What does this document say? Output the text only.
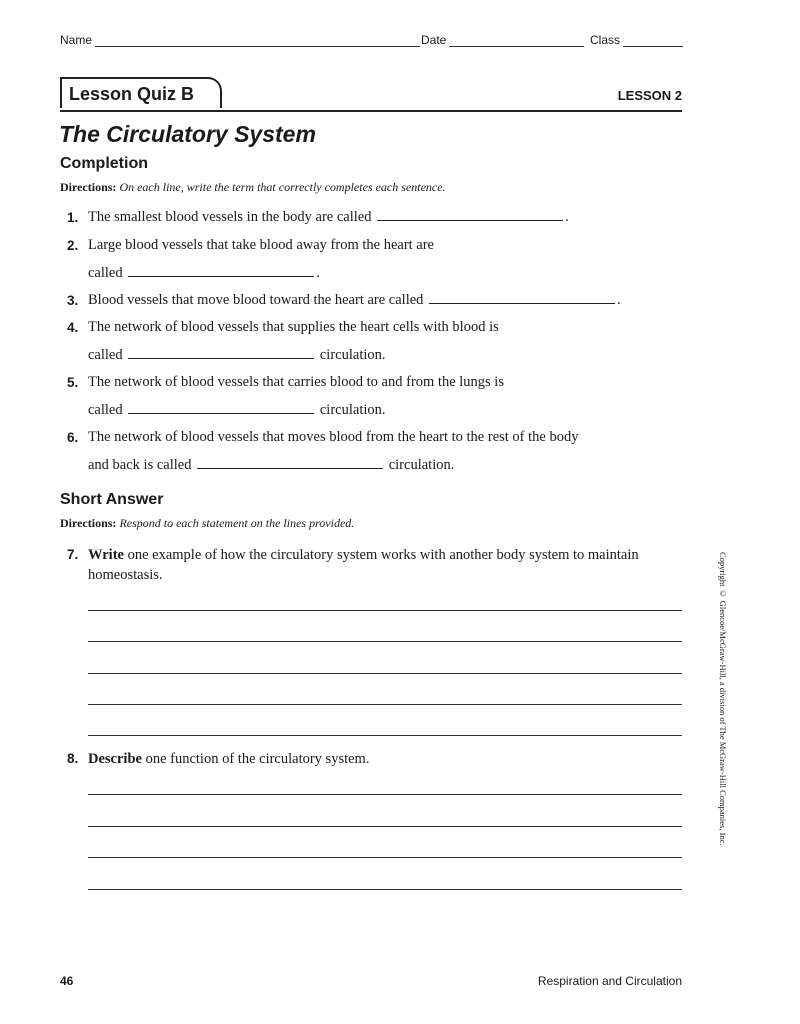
Name	Date	Class
Lesson Quiz B	LESSON 2
The Circulatory System
Completion
Directions: On each line, write the term that correctly completes each sentence.
1. The smallest blood vessels in the body are called	.
2. Large blood vessels that take blood away from the heart are
called	.
3. Blood vessels that move blood toward the heart are called	.
4. The network of blood vessels that supplies the heart cells with blood is
called	circulation.
5. The network of blood vessels that carries blood to and from the lungs is
called	circulation.
6. The network of blood vessels that moves blood from the heart to the rest of the body
and back is called	circulation.
Short Answer
Directions: Respond to each statement on the lines provided.
7. Write one example of how the circulatory system works with another body system to maintain homeostasis.
8. Describe one function of the circulatory system.	Copyright © Glencoe/McGraw-Hill, a division of The McGraw-Hill Companies, Inc.
46	Respiration and Circulation
